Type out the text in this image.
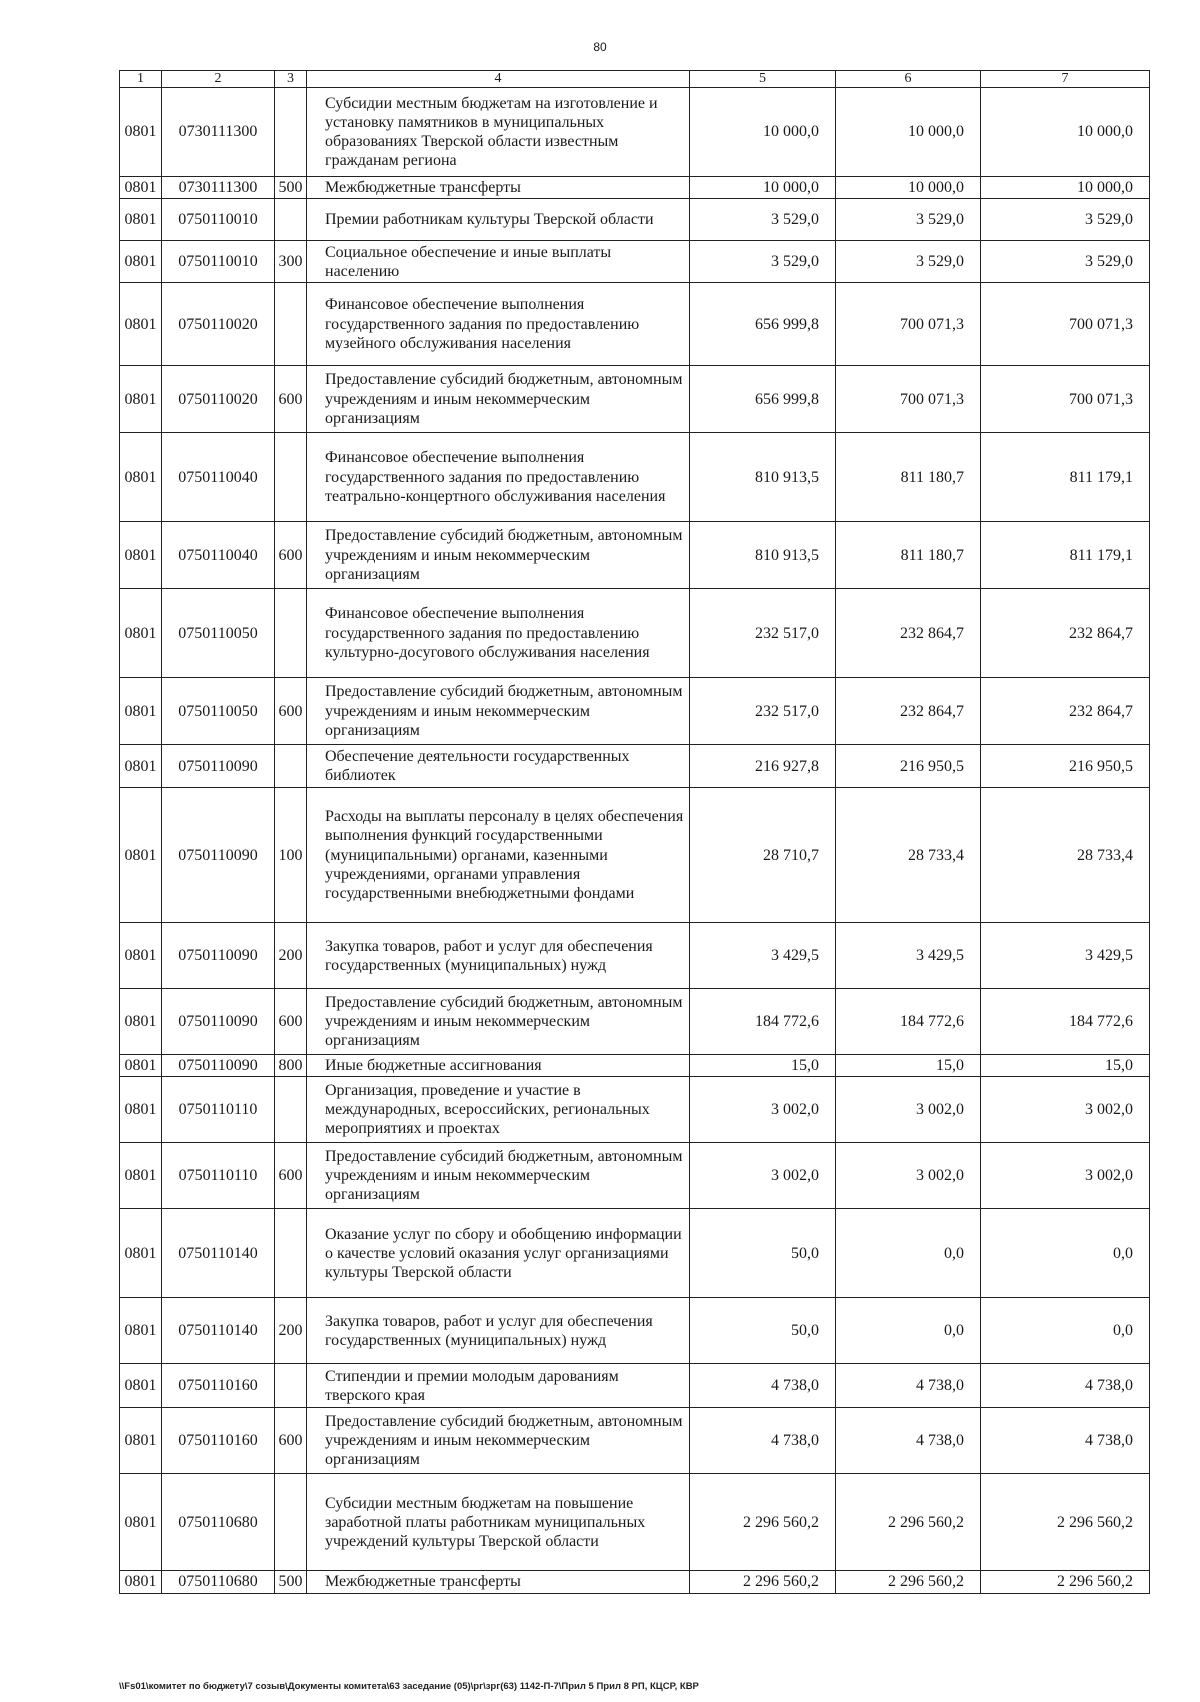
80
1	2	3	4	5	6	7
0801	0730111300		Субсидии местным бюджетам на изготовление и установку памятников в муниципальных образованиях Тверской области известным гражданам региона	10 000,0	10 000,0	10 000,0
0801	0730111300	500	Межбюджетные трансферты	10 000,0	10 000,0	10 000,0
0801	0750110010		Премии работникам культуры Тверской области	3 529,0	3 529,0	3 529,0
0801	0750110010	300	Социальное обеспечение и иные выплаты населению	3 529,0	3 529,0	3 529,0
0801	0750110020		Финансовое обеспечение выполнения государственного задания по предоставлению музейного обслуживания населения	656 999,8	700 071,3	700 071,3
0801	0750110020	600	Предоставление субсидий бюджетным, автономным учреждениям и иным некоммерческим организациям	656 999,8	700 071,3	700 071,3
0801	0750110040		Финансовое обеспечение выполнения государственного задания по предоставлению театрально-концертного обслуживания населения	810 913,5	811 180,7	811 179,1
0801	0750110040	600	Предоставление субсидий бюджетным, автономным учреждениям и иным некоммерческим организациям	810 913,5	811 180,7	811 179,1
0801	0750110050		Финансовое обеспечение выполнения государственного задания по предоставлению культурно-досугового обслуживания населения	232 517,0	232 864,7	232 864,7
0801	0750110050	600	Предоставление субсидий бюджетным, автономным учреждениям и иным некоммерческим организациям	232 517,0	232 864,7	232 864,7
0801	0750110090		Обеспечение деятельности государственных библиотек	216 927,8	216 950,5	216 950,5
0801	0750110090	100	Расходы на выплаты персоналу в целях обеспечения выполнения функций государственными (муниципальными) органами, казенными учреждениями, органами управления государственными внебюджетными фондами	28 710,7	28 733,4	28 733,4
0801	0750110090	200	Закупка товаров, работ и услуг для обеспечения государственных (муниципальных) нужд	3 429,5	3 429,5	3 429,5
0801	0750110090	600	Предоставление субсидий бюджетным, автономным учреждениям и иным некоммерческим организациям	184 772,6	184 772,6	184 772,6
0801	0750110090	800	Иные бюджетные ассигнования	15,0	15,0	15,0
0801	0750110110		Организация, проведение и участие в международных, всероссийских, региональных мероприятиях и проектах	3 002,0	3 002,0	3 002,0
0801	0750110110	600	Предоставление субсидий бюджетным, автономным учреждениям и иным некоммерческим организациям	3 002,0	3 002,0	3 002,0
0801	0750110140		Оказание услуг по сбору и обобщению информации о качестве условий оказания услуг организациями культуры Тверской области	50,0	0,0	0,0
0801	0750110140	200	Закупка товаров, работ и услуг для обеспечения государственных (муниципальных) нужд	50,0	0,0	0,0
0801	0750110160		Стипендии и премии молодым дарованиям тверского края	4 738,0	4 738,0	4 738,0
0801	0750110160	600	Предоставление субсидий бюджетным, автономным учреждениям и иным некоммерческим организациям	4 738,0	4 738,0	4 738,0
0801	0750110680		Субсидии местным бюджетам на повышение заработной платы работникам муниципальных учреждений культуры Тверской области	2 296 560,2	2 296 560,2	2 296 560,2
0801	0750110680	500	Межбюджетные трансферты	2 296 560,2	2 296 560,2	2 296 560,2
\\Fs01\комитет по бюджету\7 созыв\Документы комитета\63 заседание (05)\рг\зрг(63) 1142-П-7\Прил 5 Прил 8 РП, КЦСР, КВР
